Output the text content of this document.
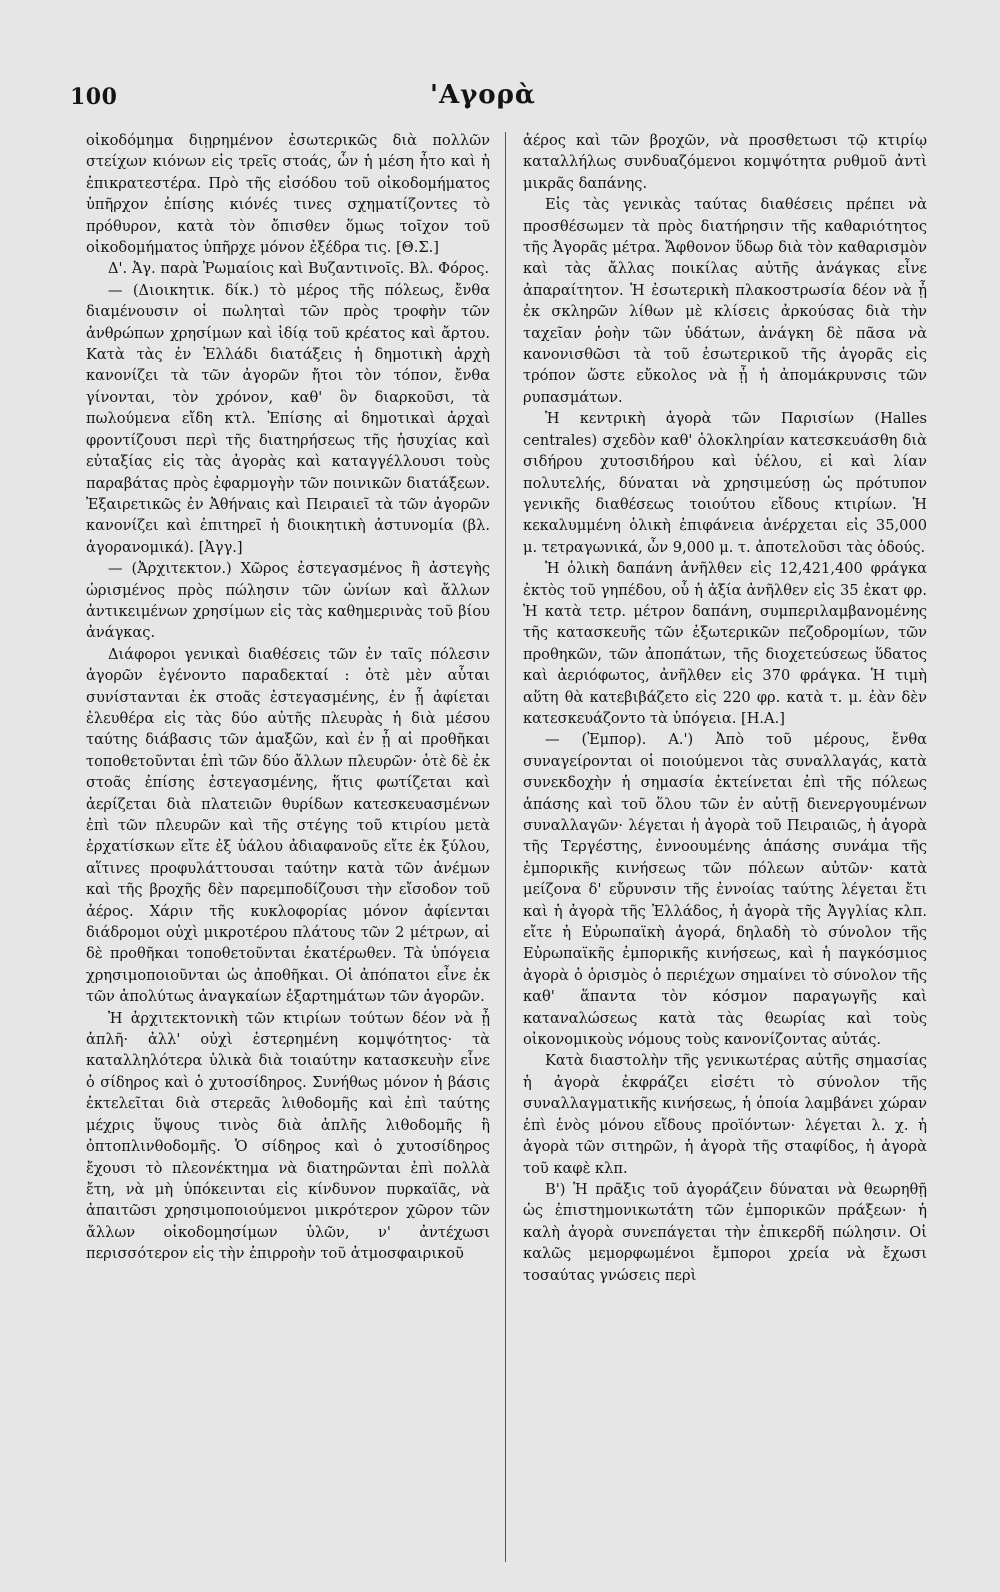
100	'Αγορὰ

οἰκοδόμημα διῃρημένον ἐσωτερικῶς διὰ πολλῶν στείχων κιόνων εἰς τρεῖς στοάς, ὧν ἡ μέση ἦτο καὶ ἡ ἐπικρατεστέρα. Πρὸ τῆς εἰσόδου τοῦ οἰκοδομήματος ὑπῆρχον ἐπίσης κιόνές τινες σχηματίζοντες τὸ πρόθυρον, κατὰ τὸν ὄπισθεν ὅμως τοῖχον τοῦ οἰκοδομήματος ὑπῆρχε μόνον ἐξέδρα τις. [Θ.Σ.]

Δ'. Ἀγ. παρὰ Ῥωμαίοις καὶ Βυζαντινοῖς. Βλ. Φόρος.

— (Διοικητικ. δίκ.) τὸ μέρος τῆς πόλεως, ἔνθα διαμένουσιν οἱ πωληταὶ τῶν πρὸς τροφὴν τῶν ἀνθρώπων χρησίμων καὶ ἰδίᾳ τοῦ κρέατος καὶ ἄρτου. Κατὰ τὰς ἐν Ἑλλάδι διατάξεις ἡ δημοτικὴ ἀρχὴ κανονίζει τὰ τῶν ἀγορῶν ἤτοι τὸν τόπον, ἔνθα γίνονται, τὸν χρόνον, καθ' ὃν διαρκοῦσι, τὰ πωλούμενα εἴδη κτλ. Ἐπίσης αἱ δημοτικαὶ ἀρχαὶ φροντίζουσι περὶ τῆς διατηρήσεως τῆς ἡσυχίας καὶ εὐταξίας εἰς τὰς ἀγορὰς καὶ καταγγέλλουσι τοὺς παραβάτας πρὸς ἐφαρμογὴν τῶν ποινικῶν διατάξεων. Ἐξαιρετικῶς ἐν Ἀθήναις καὶ Πειραιεῖ τὰ τῶν ἀγορῶν κανονίζει καὶ ἐπιτηρεῖ ἡ διοικητικὴ ἀστυνομία (βλ. ἀγορανομικά). [Ἀγγ.]

— (Ἀρχιτεκτον.) Χῶρος ἐστεγασμένος ἢ ἀστεγὴς ὡρισμένος πρὸς πώλησιν τῶν ὠνίων καὶ ἄλλων ἀντικειμένων χρησίμων εἰς τὰς καθημερινὰς τοῦ βίου ἀνάγκας.

Διάφοροι γενικαὶ διαθέσεις τῶν ἐν ταῖς πόλεσιν ἀγορῶν ἐγένοντο παραδεκταί : ὁτὲ μὲν αὗται συνίστανται ἐκ στοᾶς ἐστεγασμένης, ἐν ᾗ ἀφίεται ἐλευθέρα εἰς τὰς δύο αὐτῆς πλευρὰς ἡ διὰ μέσου ταύτης διάβασις τῶν ἁμαξῶν, καὶ ἐν ᾗ αἱ προθῆκαι τοποθετοῦνται ἐπὶ τῶν δύο ἄλλων πλευρῶν· ὁτὲ δὲ ἐκ στοᾶς ἐπίσης ἐστεγασμένης, ἥτις φωτίζεται καὶ ἀερίζεται διὰ πλατειῶν θυρίδων κατεσκευασμένων ἐπὶ τῶν πλευρῶν καὶ τῆς στέγης τοῦ κτιρίου μετὰ ἐρχατίσκων εἴτε ἐξ ὑάλου ἀδιαφανοῦς εἴτε ἐκ ξύλου, αἵτινες προφυλάττουσαι ταύτην κατὰ τῶν ἀνέμων καὶ τῆς βροχῆς δὲν παρεμποδίζουσι τὴν εἴσοδον τοῦ ἀέρος. Χάριν τῆς κυκλοφορίας μόνον ἀφίενται διάδρομοι οὐχὶ μικροτέρου πλάτους τῶν 2 μέτρων, αἱ δὲ προθῆκαι τοποθετοῦνται ἑκατέρωθεν. Τὰ ὑπόγεια χρησιμοποιοῦνται ὡς ἀποθῆκαι. Οἱ ἀπόπατοι εἶνε ἐκ τῶν ἀπολύτως ἀναγκαίων ἐξαρτημάτων τῶν ἀγορῶν.

Ἡ ἀρχιτεκτονικὴ τῶν κτιρίων τούτων δέον νὰ ᾖ ἁπλῆ· ἀλλ' οὐχὶ ἐστερημένη κομψότητος· τὰ καταλληλότερα ὑλικὰ διὰ τοιαύτην κατασκευὴν εἶνε ὁ σίδηρος καὶ ὁ χυτοσίδηρος. Συνήθως μόνον ἡ βάσις ἐκτελεῖται διὰ στερεᾶς λιθοδομῆς καὶ ἐπὶ ταύτης μέχρις ὕψους τινὸς διὰ ἁπλῆς λιθοδομῆς ἢ ὀπτοπλινθοδομῆς. Ὁ σίδηρος καὶ ὁ χυτοσίδηρος ἔχουσι τὸ πλεονέκτημα νὰ διατηρῶνται ἐπὶ πολλὰ ἔτη, νὰ μὴ ὑπόκεινται εἰς κίνδυνον πυρκαϊᾶς, νὰ ἀπαιτῶσι χρησιμοποιούμενοι μικρότερον χῶρον τῶν ἄλλων οἰκοδομησίμων ὑλῶν, ν' ἀντέχωσι περισσότερον εἰς τὴν ἐπιρροὴν τοῦ ἀτμοσφαιρικοῦ

ἀέρος καὶ τῶν βροχῶν, νὰ προσθετωσι τῷ κτιρίῳ καταλλήλως συνδυαζόμενοι κομψότητα ρυθμοῦ ἀντὶ μικρᾶς δαπάνης.

Εἰς τὰς γενικὰς ταύτας διαθέσεις πρέπει νὰ προσθέσωμεν τὰ πρὸς διατήρησιν τῆς καθαριότητος τῆς Ἀγορᾶς μέτρα. Ἄφθονον ὕδωρ διὰ τὸν καθαρισμὸν καὶ τὰς ἄλλας ποικίλας αὐτῆς ἀνάγκας εἶνε ἀπαραίτητον. Ἡ ἐσωτερικὴ πλακοστρωσία δέον νὰ ᾖ ἐκ σκληρῶν λίθων μὲ κλίσεις ἀρκούσας διὰ τὴν ταχεῖαν ῥοὴν τῶν ὑδάτων, ἀνάγκη δὲ πᾶσα νὰ κανονισθῶσι τὰ τοῦ ἐσωτερικοῦ τῆς ἀγορᾶς εἰς τρόπον ὥστε εὔκολος νὰ ᾖ ἡ ἀπομάκρυνσις τῶν ρυπασμάτων.

Ἡ κεντρικὴ ἀγορὰ τῶν Παρισίων (Halles centrales) σχεδὸν καθ' ὁλοκληρίαν κατεσκευάσθη διὰ σιδήρου χυτοσιδήρου καὶ ὑέλου, εἰ καὶ λίαν πολυτελής, δύναται νὰ χρησιμεύσῃ ὡς πρότυπον γενικῆς διαθέσεως τοιούτου εἴδους κτιρίων. Ἡ κεκαλυμμένη ὁλικὴ ἐπιφάνεια ἀνέρχεται εἰς 35,000 μ. τετραγωνικά, ὧν 9,000 μ. τ. ἀποτελοῦσι τὰς ὁδούς.

Ἡ ὁλικὴ δαπάνη ἀνῆλθεν εἰς 12,421,400 φράγκα ἐκτὸς τοῦ γηπέδου, οὗ ἡ ἀξία ἀνῆλθεν εἰς 35 ἑκατ φρ. Ἡ κατὰ τετρ. μέτρον δαπάνη, συμπεριλαμβανομένης τῆς κατασκευῆς τῶν ἐξωτερικῶν πεζοδρομίων, τῶν προθηκῶν, τῶν ἀποπάτων, τῆς διοχετεύσεως ὕδατος καὶ ἀεριόφωτος, ἀνῆλθεν εἰς 370 φράγκα. Ἡ τιμὴ αὕτη θὰ κατεβιβάζετο εἰς 220 φρ. κατὰ τ. μ. ἐὰν δὲν κατεσκευάζοντο τὰ ὑπόγεια. [Η.Α.]

— (Ἐμπορ). Α.') Ἀπὸ τοῦ μέρους, ἔνθα συναγείρονται οἱ ποιούμενοι τὰς συναλλαγάς, κατὰ συνεκδοχὴν ἡ σημασία ἐκτείνεται ἐπὶ τῆς πόλεως ἁπάσης καὶ τοῦ ὅλου τῶν ἐν αὐτῇ διενεργουμένων συναλλαγῶν· λέγεται ἡ ἀγορὰ τοῦ Πειραιῶς, ἡ ἀγορὰ τῆς Τεργέστης, ἐννοουμένης ἁπάσης συνάμα τῆς ἐμπορικῆς κινήσεως τῶν πόλεων αὐτῶν· κατὰ μείζονα δ' εὔρυνσιν τῆς ἐννοίας ταύτης λέγεται ἔτι καὶ ἡ ἀγορὰ τῆς Ἑλλάδος, ἡ ἀγορὰ τῆς Ἀγγλίας κλπ. εἴτε ἡ Εὐρωπαϊκὴ ἀγορά, δηλαδὴ τὸ σύνολον τῆς Εὐρωπαϊκῆς ἐμπορικῆς κινήσεως, καὶ ἡ παγκόσμιος ἀγορὰ ὁ ὁρισμὸς ὁ περιέχων σημαίνει τὸ σύνολον τῆς καθ' ἅπαντα τὸν κόσμον παραγωγῆς καὶ καταναλώσεως κατὰ τὰς θεωρίας καὶ τοὺς οἰκονομικοὺς νόμους τοὺς κανονίζοντας αὐτάς.

Κατὰ διαστολὴν τῆς γενικωτέρας αὐτῆς σημασίας ἡ ἀγορὰ ἐκφράζει εἰσέτι τὸ σύνολον τῆς συναλλαγματικῆς κινήσεως, ἡ ὁποία λαμβάνει χώραν ἐπὶ ἑνὸς μόνου εἴδους προϊόντων· λέγεται λ. χ. ἡ ἀγορὰ τῶν σιτηρῶν, ἡ ἀγορὰ τῆς σταφίδος, ἡ ἀγορὰ τοῦ καφὲ κλπ.

Β') Ἡ πρᾶξις τοῦ ἀγοράζειν δύναται νὰ θεωρηθῇ ὡς ἐπιστημονικωτάτη τῶν ἐμπορικῶν πράξεων· ἡ καλὴ ἀγορὰ συνεπάγεται τὴν ἐπικερδῆ πώλησιν. Οἱ καλῶς μεμορφωμένοι ἔμποροι χρεία νὰ ἔχωσι τοσαύτας γνώσεις περὶ
